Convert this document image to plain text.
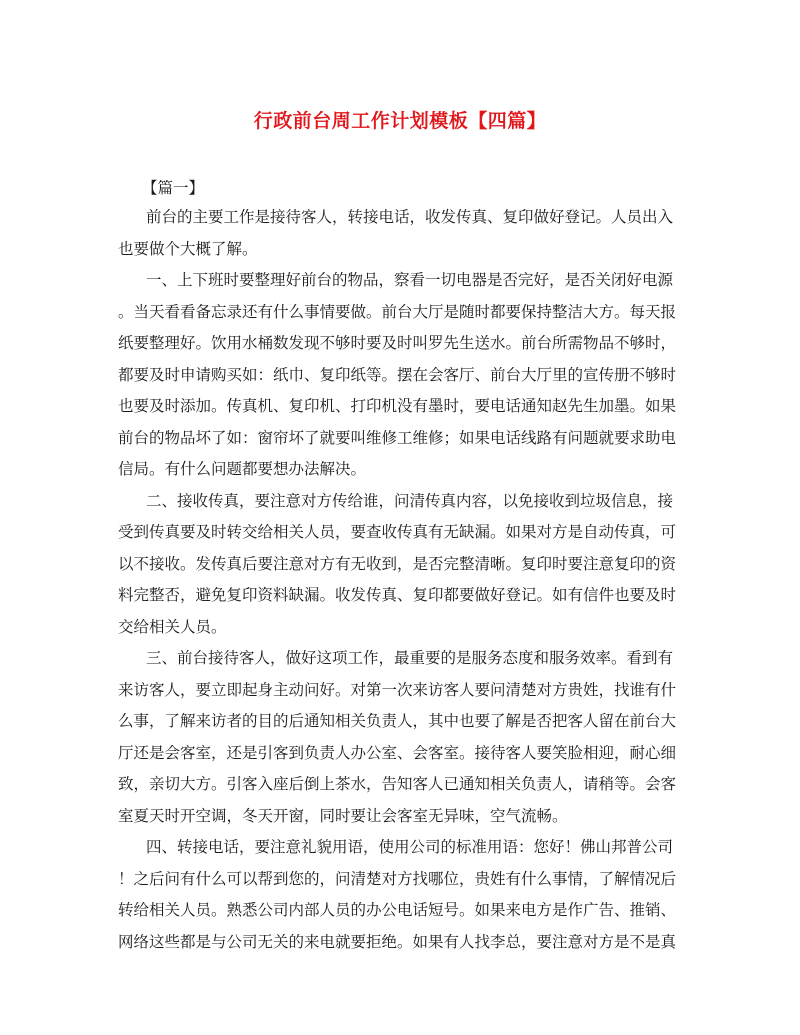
行政前台周工作计划模板【四篇】
【篇一】
前台的主要工作是接待客人，转接电话，收发传真、复印做好登记。人员出入
也要做个大概了解。
一、上下班时要整理好前台的物品，察看一切电器是否完好，是否关闭好电源
。当天看看备忘录还有什么事情要做。前台大厅是随时都要保持整洁大方。每天报
纸要整理好。饮用水桶数发现不够时要及时叫罗先生送水。前台所需物品不够时，
都要及时申请购买如：纸巾、复印纸等。摆在会客厅、前台大厅里的宣传册不够时
也要及时添加。传真机、复印机、打印机没有墨时，要电话通知赵先生加墨。如果
前台的物品坏了如：窗帘坏了就要叫维修工维修；如果电话线路有问题就要求助电
信局。有什么问题都要想办法解决。
二、接收传真，要注意对方传给谁，问清传真内容，以免接收到垃圾信息，接
受到传真要及时转交给相关人员，要查收传真有无缺漏。如果对方是自动传真，可
以不接收。发传真后要注意对方有无收到，是否完整清晰。复印时要注意复印的资
料完整否，避免复印资料缺漏。收发传真、复印都要做好登记。如有信件也要及时
交给相关人员。
三、前台接待客人，做好这项工作，最重要的是服务态度和服务效率。看到有
来访客人，要立即起身主动问好。对第一次来访客人要问清楚对方贵姓，找谁有什
么事，了解来访者的目的后通知相关负责人，其中也要了解是否把客人留在前台大
厅还是会客室，还是引客到负责人办公室、会客室。接待客人要笑脸相迎，耐心细
致，亲切大方。引客入座后倒上茶水，告知客人已通知相关负责人，请稍等。会客
室夏天时开空调，冬天开窗，同时要让会客室无异味，空气流畅。
四、转接电话，要注意礼貌用语，使用公司的标准用语：您好！佛山邦普公司
！之后问有什么可以帮到您的，问清楚对方找哪位，贵姓有什么事情，了解情况后
转给相关人员。熟悉公司内部人员的办公电话短号。如果来电方是作广告、推销、
网络这些都是与公司无关的来电就要拒绝。如果有人找李总，要注意对方是不是真
